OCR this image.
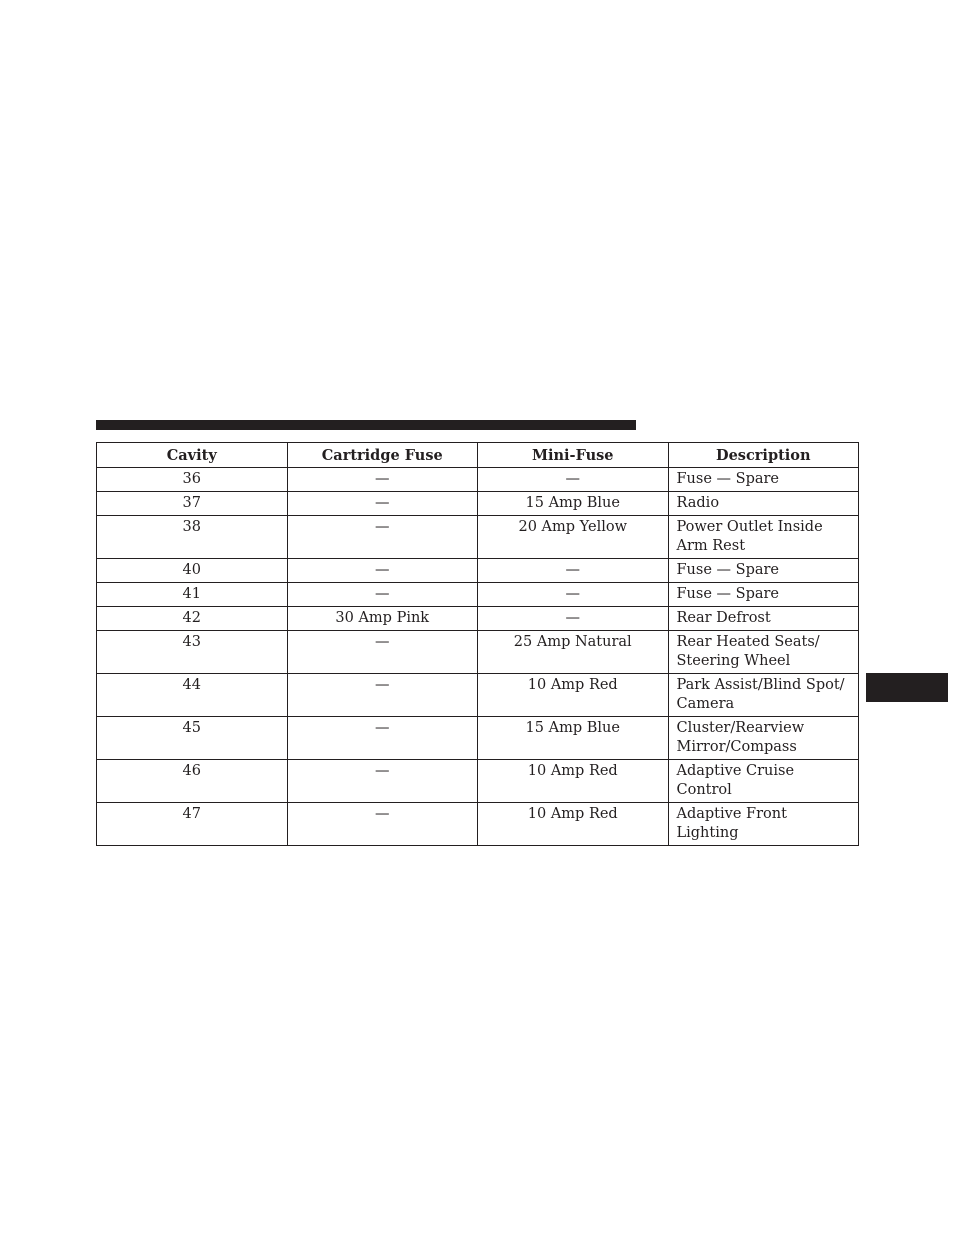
Cavity	Cartridge Fuse	Mini-Fuse	Description
36	—	—	Fuse — Spare
37	—	15 Amp Blue	Radio
38	—	20 Amp Yellow	Power Outlet Inside Arm Rest
40	—	—	Fuse — Spare
41	—	—	Fuse — Spare
42	30 Amp Pink	—	Rear Defrost
43	—	25 Amp Natural	Rear Heated Seats/ Steering Wheel
44	—	10 Amp Red	Park Assist/Blind Spot/ Camera
45	—	15 Amp Blue	Cluster/Rearview Mirror/Compass
46	—	10 Amp Red	Adaptive Cruise Control
47	—	10 Amp Red	Adaptive Front Lighting
